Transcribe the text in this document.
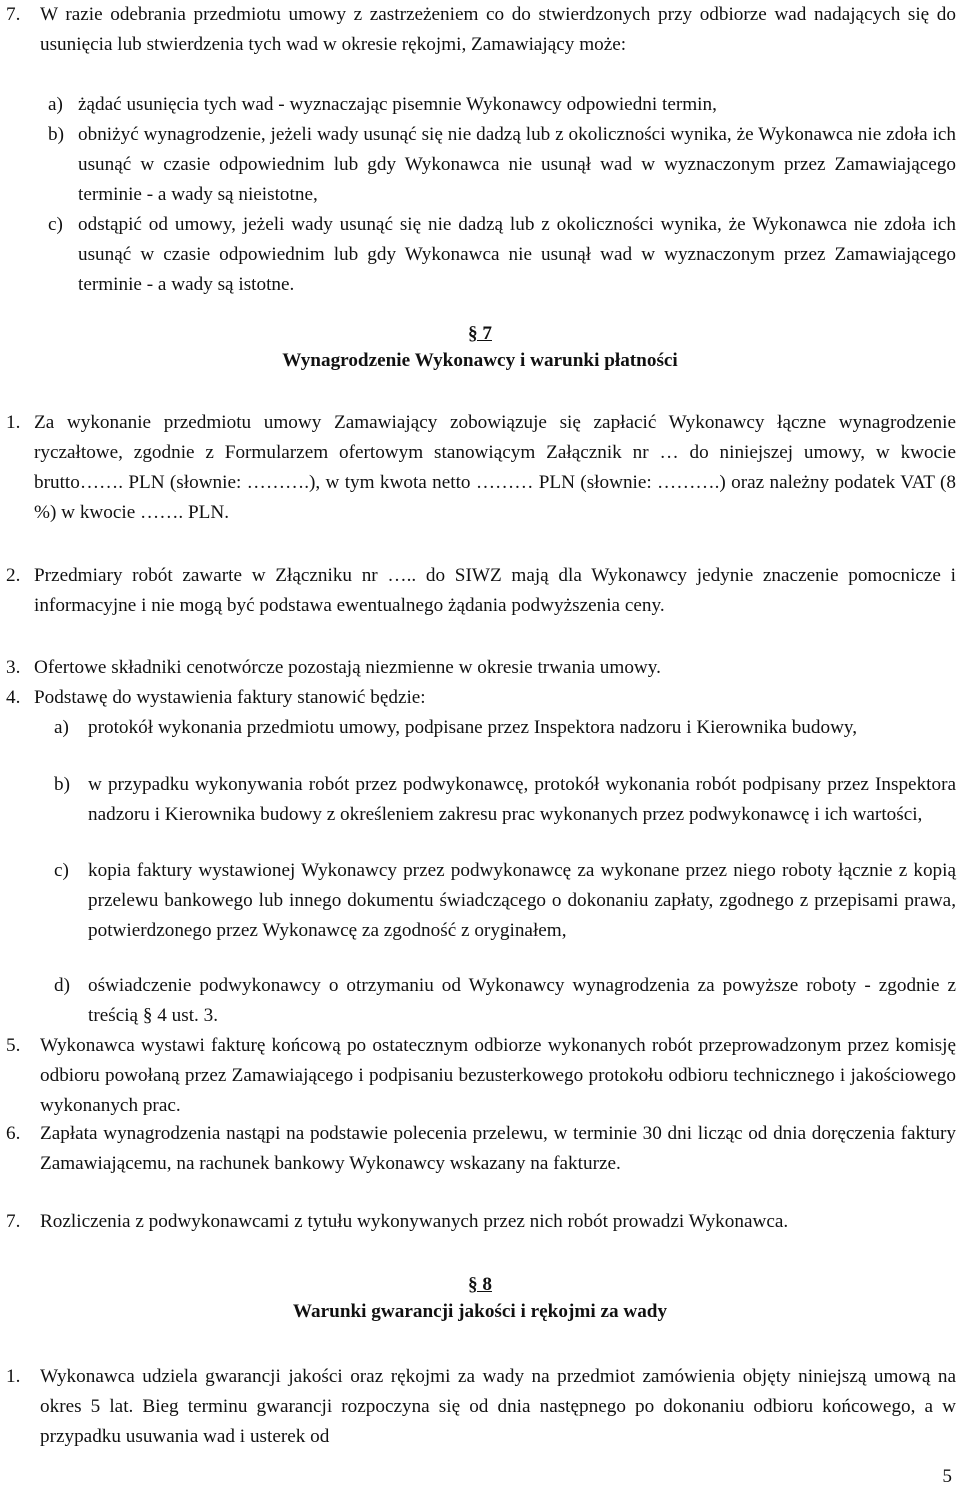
7. W razie odebrania przedmiotu umowy z zastrzeżeniem co do stwierdzonych przy odbiorze wad nadających się do usunięcia lub stwierdzenia tych wad w okresie rękojmi, Zamawiający może:
a) żądać usunięcia tych wad - wyznaczając pisemnie Wykonawcy odpowiedni termin,
b) obniżyć wynagrodzenie, jeżeli wady usunąć się nie dadzą lub z okoliczności wynika, że Wykonawca nie zdoła ich usunąć w czasie odpowiednim lub gdy Wykonawca nie usunął wad w wyznaczonym przez Zamawiającego terminie - a wady są nieistotne,
c) odstąpić od umowy, jeżeli wady usunąć się nie dadzą lub z okoliczności wynika, że Wykonawca nie zdoła ich usunąć w czasie odpowiednim lub gdy Wykonawca nie usunął wad w wyznaczonym przez Zamawiającego terminie - a wady są istotne.
§ 7
Wynagrodzenie Wykonawcy i warunki płatności
1. Za wykonanie przedmiotu umowy Zamawiający zobowiązuje się zapłacić Wykonawcy łączne wynagrodzenie ryczałtowe, zgodnie z Formularzem ofertowym stanowiącym Załącznik nr … do niniejszej umowy, w kwocie brutto……. PLN (słownie: ……….), w tym kwota netto ……… PLN (słownie: ……….) oraz należny podatek VAT (8 %) w kwocie ……. PLN.
2. Przedmiary robót zawarte w Złączniku nr ….. do SIWZ mają dla Wykonawcy jedynie znaczenie pomocnicze i informacyjne i nie mogą być podstawa ewentualnego żądania podwyższenia ceny.
3. Ofertowe składniki cenotwórcze pozostają niezmienne w okresie trwania umowy.
4. Podstawę do wystawienia faktury stanowić będzie:
a) protokół wykonania przedmiotu umowy, podpisane przez Inspektora nadzoru i Kierownika budowy,
b) w przypadku wykonywania robót przez podwykonawcę, protokół wykonania robót podpisany przez Inspektora nadzoru i Kierownika budowy z określeniem zakresu prac wykonanych przez podwykonawcę i ich wartości,
c) kopia faktury wystawionej Wykonawcy przez podwykonawcę za wykonane przez niego roboty łącznie z kopią przelewu bankowego lub innego dokumentu świadczącego o dokonaniu zapłaty, zgodnego z przepisami prawa, potwierdzonego przez Wykonawcę za zgodność z oryginałem,
d) oświadczenie podwykonawcy o otrzymaniu od Wykonawcy wynagrodzenia za powyższe roboty - zgodnie z treścią § 4 ust. 3.
5. Wykonawca wystawi fakturę końcową po ostatecznym odbiorze wykonanych robót przeprowadzonym przez komisję odbioru powołaną przez Zamawiającego i podpisaniu bezusterkowego protokołu odbioru technicznego i jakościowego wykonanych prac.
6. Zapłata wynagrodzenia nastąpi na podstawie polecenia przelewu, w terminie 30 dni licząc od dnia doręczenia faktury Zamawiającemu, na rachunek bankowy Wykonawcy wskazany na fakturze.
7. Rozliczenia z podwykonawcami z tytułu wykonywanych przez nich robót prowadzi Wykonawca.
§ 8
Warunki gwarancji jakości i rękojmi za wady
1. Wykonawca udziela gwarancji jakości oraz rękojmi za wady na przedmiot zamówienia objęty niniejszą umową na okres 5 lat. Bieg terminu gwarancji rozpoczyna się od dnia następnego po dokonaniu odbioru końcowego, a w przypadku usuwania wad i usterek od
5
